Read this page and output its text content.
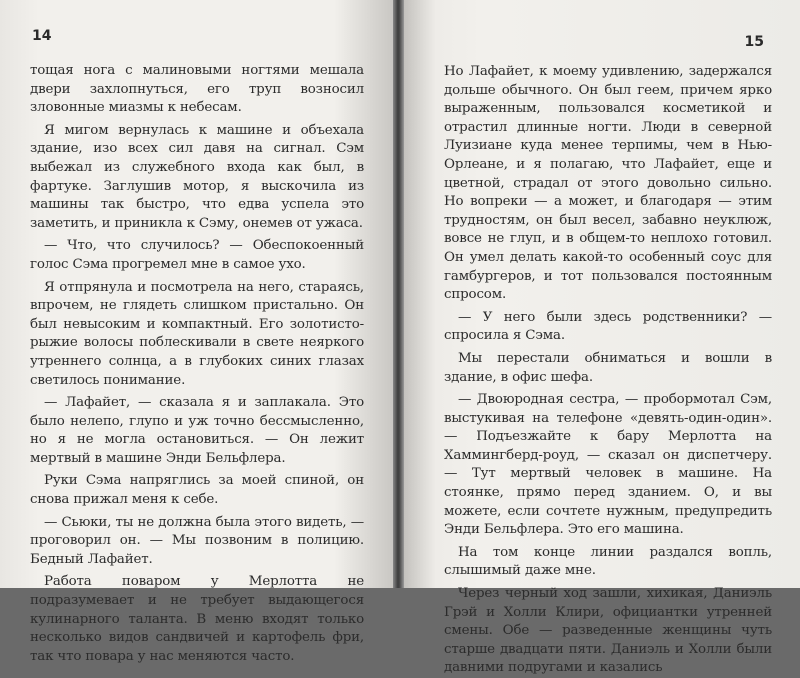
14

тощая нога с малиновыми ногтями мешала двери захлопнуться, его труп возносил зловонные миазмы к небесам.

Я мигом вернулась к машине и объехала здание, изо всех сил давя на сигнал. Сэм выбежал из служебного входа как был, в фартуке. Заглушив мотор, я выскочила из машины так быстро, что едва успела это заметить, и приникла к Сэму, онемев от ужаса.

— Что, что случилось? — Обеспокоенный голос Сэма прогремел мне в самое ухо.

Я отпрянула и посмотрела на него, стараясь, впрочем, не глядеть слишком пристально. Он был невысоким и компактный. Его золотисто-рыжие волосы поблескивали в свете неяркого утреннего солнца, а в глубоких синих глазах светилось понимание.

— Лафайет, — сказала я и заплакала. Это было нелепо, глупо и уж точно бессмысленно, но я не могла остановиться. — Он лежит мертвый в машине Энди Бельфлера.

Руки Сэма напряглись за моей спиной, он снова прижал меня к себе.

— Сьюки, ты не должна была этого видеть, — проговорил он. — Мы позвоним в полицию. Бедный Лафайет.

Работа поваром у Мерлотта не подразумевает и не требует выдающегося кулинарного таланта. В меню входят только несколько видов сандвичей и картофель фри, так что повара у нас меняются часто.

15

Но Лафайет, к моему удивлению, задержался дольше обычного. Он был геем, причем ярко выраженным, пользовался косметикой и отрастил длинные ногти. Люди в северной Луизиане куда менее терпимы, чем в Нью-Орлеане, и я полагаю, что Лафайет, еще и цветной, страдал от этого довольно сильно. Но вопреки — а может, и благодаря — этим трудностям, он был весел, забавно неуклюж, вовсе не глуп, и в общем-то неплохо готовил. Он умел делать какой-то особенный соус для гамбургеров, и тот пользовался постоянным спросом.

— У него были здесь родственники? — спросила я Сэма.

Мы перестали обниматься и вошли в здание, в офис шефа.

— Двоюродная сестра, — пробормотал Сэм, выстукивая на телефоне «девять-один-один». — Подъезжайте к бару Мерлотта на Хаммингберд-роуд, — сказал он диспетчеру. — Тут мертвый человек в машине. На стоянке, прямо перед зданием. О, и вы можете, если сочтете нужным, предупредить Энди Бельфлера. Это его машина.

На том конце линии раздался вопль, слышимый даже мне.

Через черный ход зашли, хихикая, Даниэль Грэй и Холли Клири, официантки утренней смены. Обе — разведенные женщины чуть старше двадцати пяти. Даниэль и Холли были давними подругами и казались
